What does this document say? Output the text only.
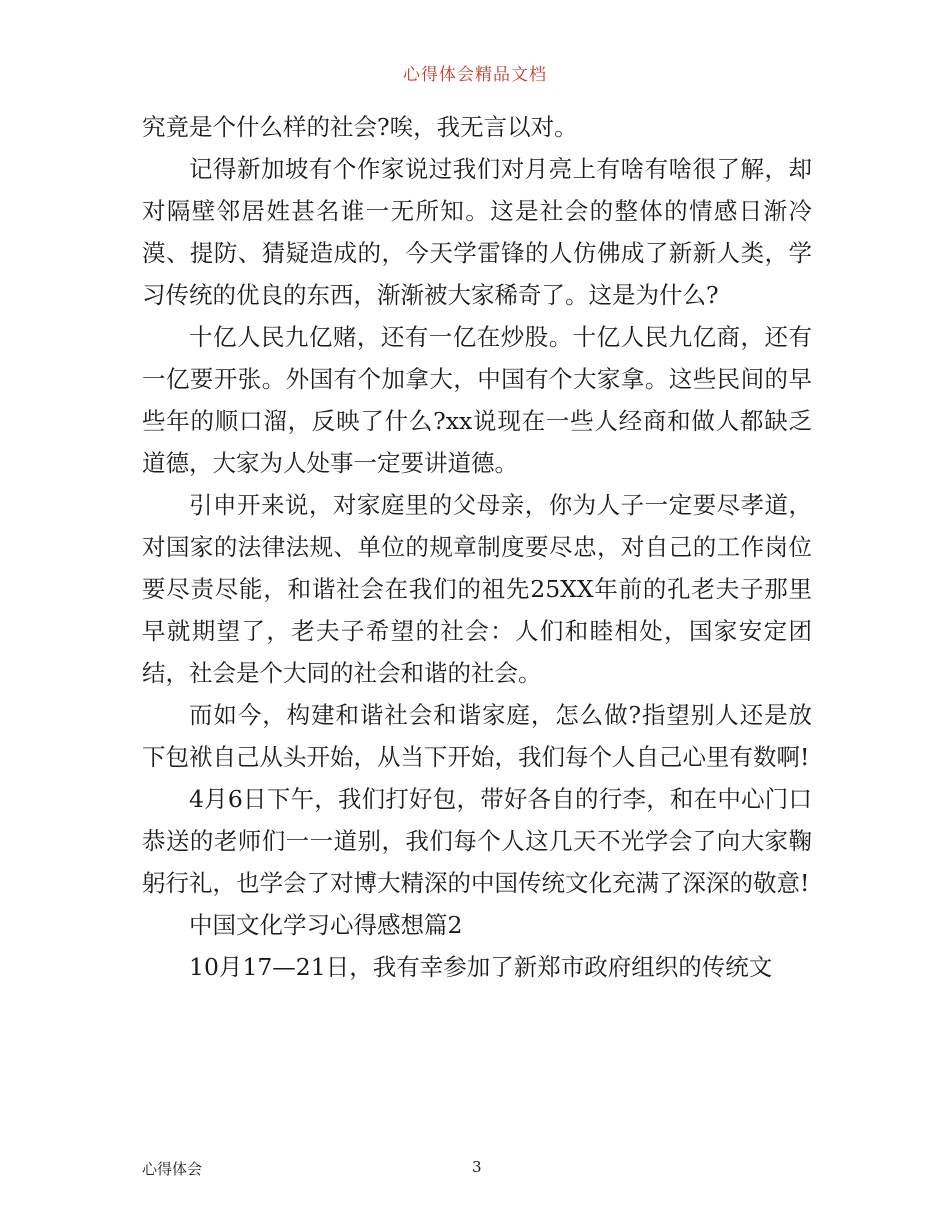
心得体会精品文档

究竟是个什么样的社会?唉，我无言以对。

记得新加坡有个作家说过我们对月亮上有啥有啥很了解，却对隔壁邻居姓甚名谁一无所知。这是社会的整体的情感日渐冷漠、提防、猜疑造成的，今天学雷锋的人仿佛成了新新人类，学习传统的优良的东西，渐渐被大家稀奇了。这是为什么?

十亿人民九亿赌，还有一亿在炒股。十亿人民九亿商，还有一亿要开张。外国有个加拿大，中国有个大家拿。这些民间的早些年的顺口溜，反映了什么?xx说现在一些人经商和做人都缺乏道德，大家为人处事一定要讲道德。

引申开来说，对家庭里的父母亲，你为人子一定要尽孝道，对国家的法律法规、单位的规章制度要尽忠，对自己的工作岗位要尽责尽能，和谐社会在我们的祖先25XX年前的孔老夫子那里早就期望了，老夫子希望的社会：人们和睦相处，国家安定团结，社会是个大同的社会和谐的社会。

而如今，构建和谐社会和谐家庭，怎么做?指望别人还是放下包袱自己从头开始，从当下开始，我们每个人自己心里有数啊!

4月6日下午，我们打好包，带好各自的行李，和在中心门口恭送的老师们一一道别，我们每个人这几天不光学会了向大家鞠躬行礼，也学会了对博大精深的中国传统文化充满了深深的敬意!

中国文化学习心得感想篇2

10月17—21日，我有幸参加了新郑市政府组织的传统文

心得体会	3
